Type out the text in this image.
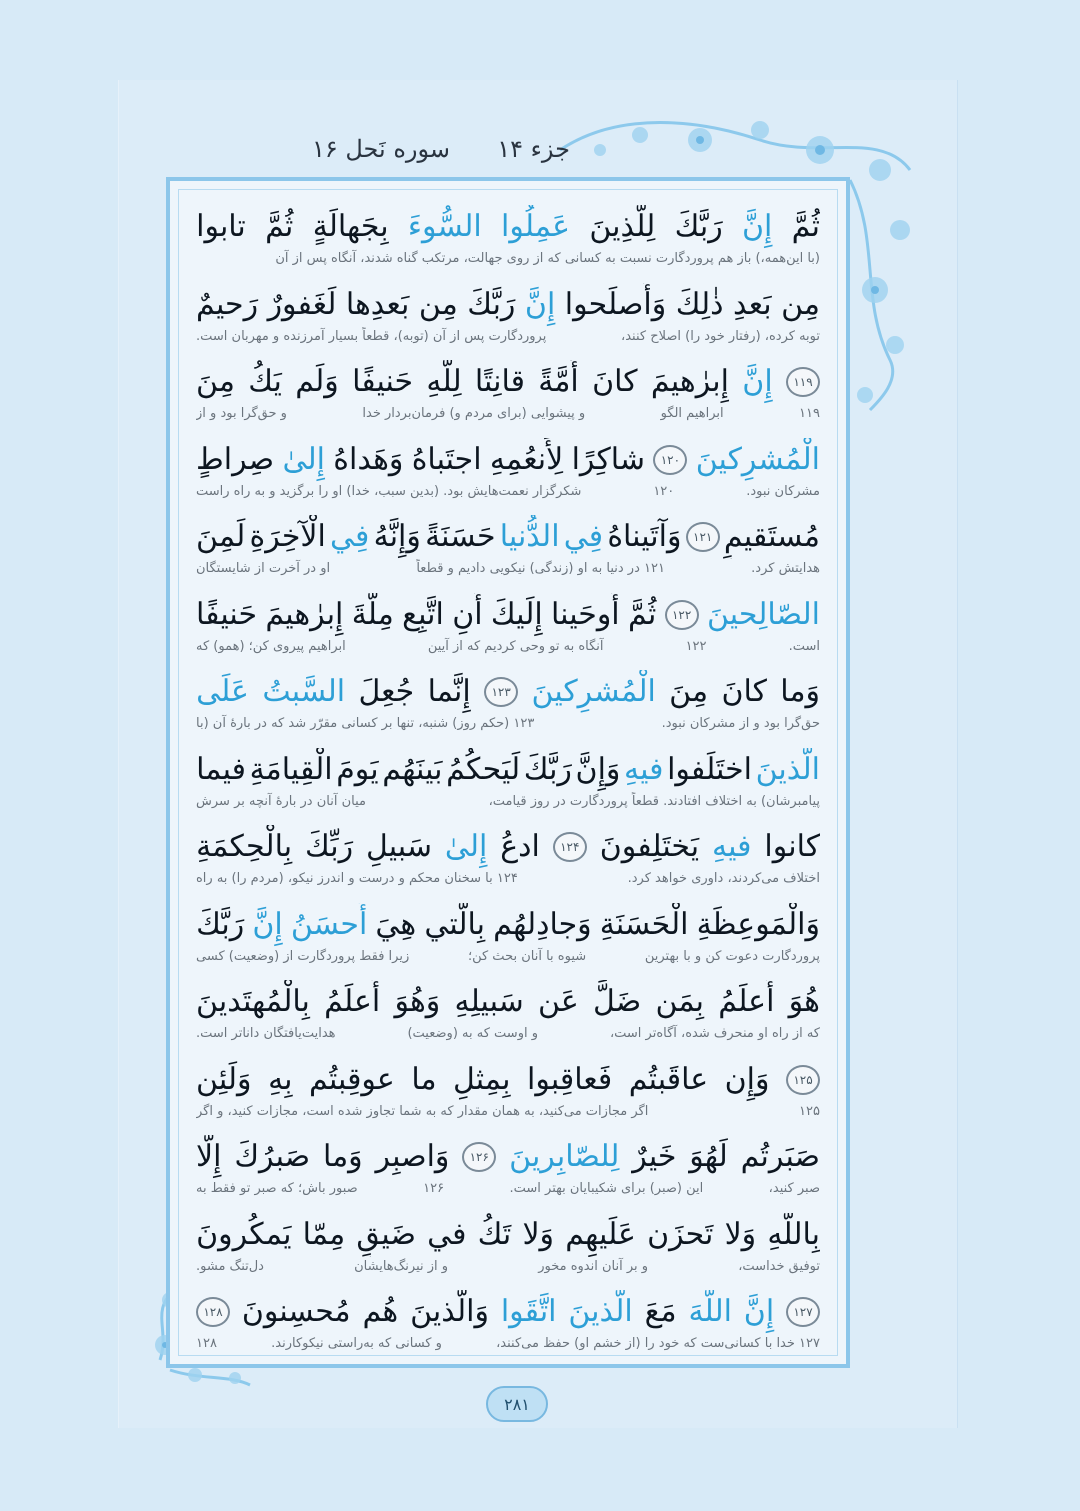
جزء ۱۴
سوره نَحل ۱۶
ثُمَّ
إِنَّ
رَبَّكَ
لِلَّذِينَ
عَمِلُوا
السُّوءَ
بِجَهالَةٍ
ثُمَّ
تابوا
(با این‌همه،) باز هم پروردگارت نسبت به کسانی که از روی جهالت، مرتکب گناه شدند، آنگاه پس از آن
مِن
بَعدِ
ذٰلِكَ
وَأَصلَحوا
إِنَّ
رَبَّكَ
مِن
بَعدِها
لَغَفورٌ
رَحيمٌ
توبه کرده، (رفتار خود را) اصلاح کنند،
پروردگارت پس از آن (توبه)، قطعاً بسیار آمرزنده و مهربان است.
۱۱۹
إِنَّ
إِبرٰهيمَ
كانَ
أُمَّةً
قانِتًا
لِلَّهِ
حَنيفًا
وَلَم
يَكُ
مِنَ
۱۱۹
ابراهیم الگو
و پیشوایی (برای مردم و) فرمان‌بردار خدا
و حق‌گرا بود و از
الْمُشرِكينَ
۱۲۰
شاكِرًا
لِأَنعُمِهِ
اجتَباهُ
وَهَداهُ
إِلىٰ
صِراطٍ
مشرکان نبود.
۱۲۰
شکرگزار نعمت‌هایش بود. (بدین سبب، خدا) او را برگزید و به راه راست
مُستَقيمٍ
۱۲۱
وَآتَيناهُ
فِي
الدُّنيا
حَسَنَةً
وَإِنَّهُ
فِي
الْآخِرَةِ
لَمِنَ
هدایتش کرد.
۱۲۱ در دنیا به او (زندگی) نیکویی دادیم و قطعاً
او در آخرت از شایستگان
الصّالِحينَ
۱۲۲
ثُمَّ
أَوحَينا
إِلَيكَ
أَنِ
اتَّبِع
مِلَّةَ
إِبرٰهيمَ
حَنيفًا
است.
۱۲۲
آنگاه به تو وحی کردیم که از آیین
ابراهیم پیروی کن؛ (همو) که
وَما
كانَ
مِنَ
الْمُشرِكينَ
۱۲۳
إِنَّما
جُعِلَ
السَّبتُ
عَلَى
حق‌گرا بود و از مشرکان نبود.
۱۲۳ (حکم روز) شنبه، تنها بر کسانی مقرّر شد که در بارهٔ آن (با
الَّذينَ
اختَلَفوا
فيهِ
وَإِنَّ
رَبَّكَ
لَيَحكُمُ
بَينَهُم
يَومَ
الْقِيامَةِ
فيما
پیامبرشان) به اختلاف افتادند. قطعاً پروردگارت در روز قیامت،
میان آنان در بارهٔ آنچه بر سرش
كانوا
فيهِ
يَختَلِفونَ
۱۲۴
ادعُ
إِلىٰ
سَبيلِ
رَبِّكَ
بِالْحِكمَةِ
اختلاف می‌کردند، داوری خواهد کرد.
۱۲۴ با سخنان محکم و درست و اندرز نیکو، (مردم را) به راه
وَالْمَوعِظَةِ
الْحَسَنَةِ
وَجادِلهُم
بِالَّتي
هِيَ
أَحسَنُ
إِنَّ
رَبَّكَ
پروردگارت دعوت کن و با بهترین
شیوه با آنان بحث کن؛
زیرا فقط پروردگارت از (وضعیت) کسی
هُوَ
أَعلَمُ
بِمَن
ضَلَّ
عَن
سَبيلِهِ
وَهُوَ
أَعلَمُ
بِالْمُهتَدينَ
که از راه او منحرف شده، آگاه‌تر است،
و اوست که به (وضعیت)
هدایت‌یافتگان داناتر است.
۱۲۵
وَإِن
عاقَبتُم
فَعاقِبوا
بِمِثلِ
ما
عوقِبتُم
بِهِ
وَلَئِن
۱۲۵
اگر مجازات می‌کنید، به همان مقدار که به شما تجاوز شده است، مجازات کنید، و اگر
صَبَرتُم
لَهُوَ
خَيرٌ
لِلصّابِرينَ
۱۲۶
وَاصبِر
وَما
صَبرُكَ
إِلّا
صبر کنید،
این (صبر) برای شکیبایان بهتر است.
۱۲۶
صبور باش؛ که صبر تو فقط به
بِاللَّهِ
وَلا
تَحزَن
عَلَيهِم
وَلا
تَكُ
في
ضَيقٍ
مِمّا
يَمكُرونَ
توفیق خداست،
و بر آنان اندوه مخور
و از نیرنگ‌هایشان
دل‌تنگ مشو.
۱۲۷
إِنَّ
اللَّهَ
مَعَ
الَّذينَ
اتَّقَوا
وَالَّذينَ
هُم
مُحسِنونَ
۱۲۸
۱۲۷ خدا با کسانی‌ست که خود را (از خشم او) حفظ می‌کنند،
و کسانی که به‌راستی نیکوکارند.
۱۲۸
۲۸۱
